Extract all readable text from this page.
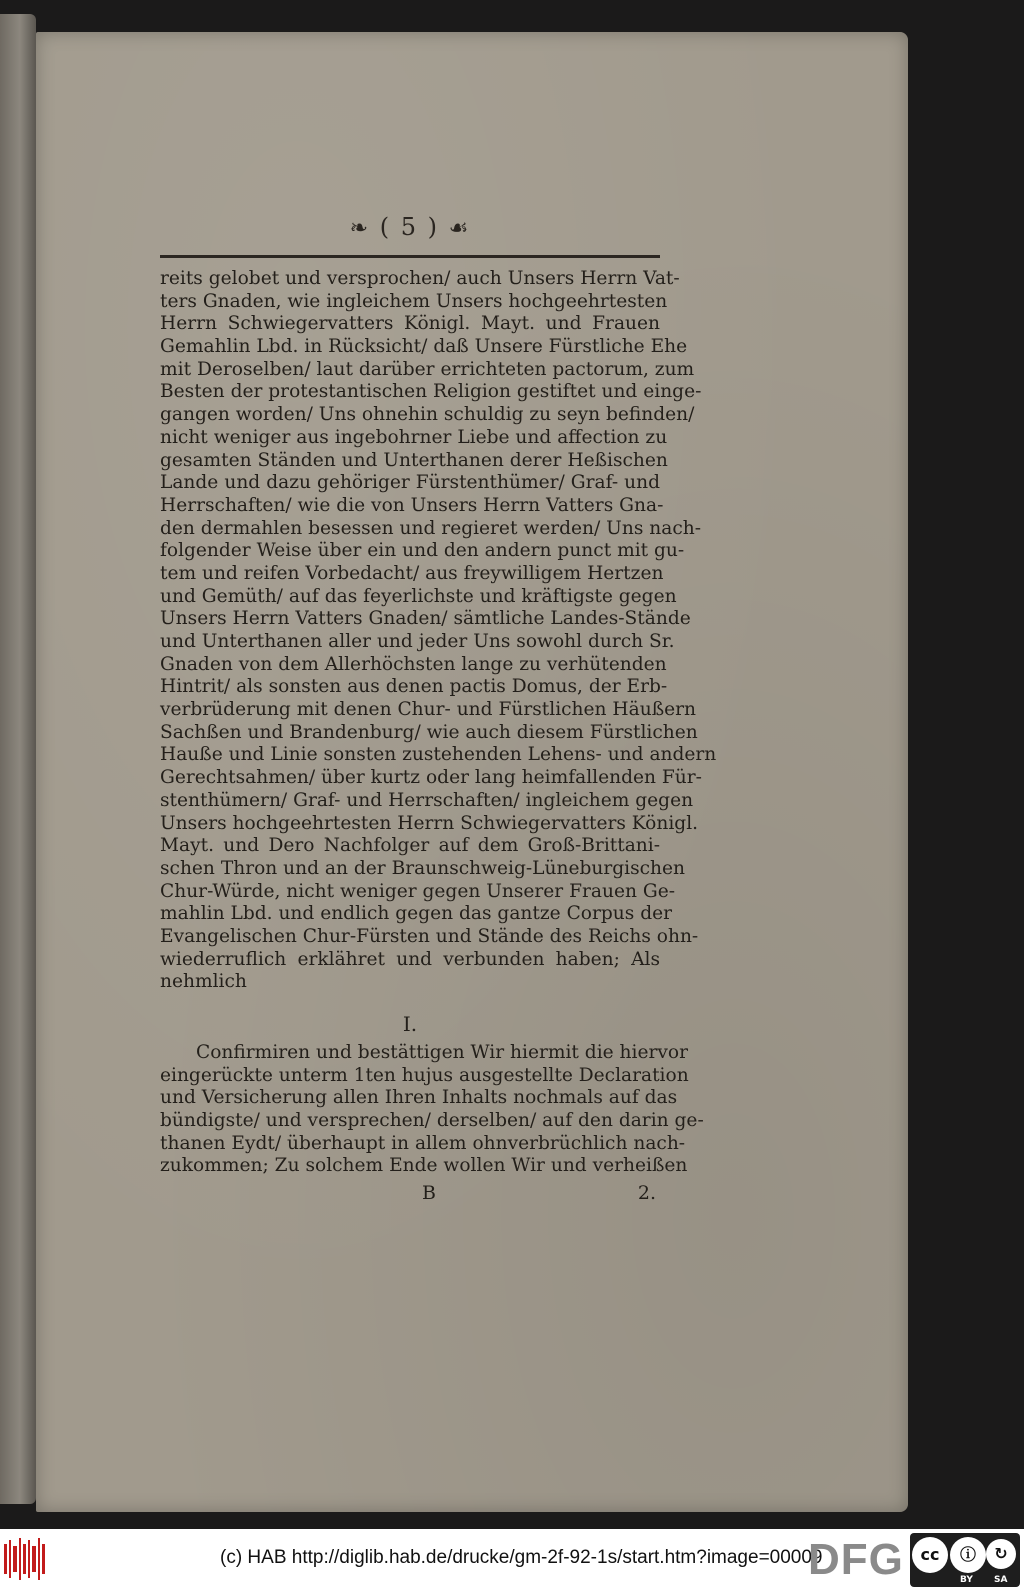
❧ ( 5 ) ☙
reits gelobet und versprochen/ auch Unsers Herrn Vat-
ters Gnaden, wie ingleichem Unsers hochgeehrtesten
Herrn Schwiegervatters Königl. Mayt. und Frauen
Gemahlin Lbd. in Rücksicht/ daß Unsere Fürstliche Ehe
mit Deroselben/ laut darüber errichteten pactorum, zum
Besten der protestantischen Religion gestiftet und einge-
gangen worden/ Uns ohnehin schuldig zu seyn befinden/
nicht weniger aus ingebohrner Liebe und affection zu
gesamten Ständen und Unterthanen derer Heßischen
Lande und dazu gehöriger Fürstenthümer/ Graf- und
Herrschaften/ wie die von Unsers Herrn Vatters Gna-
den dermahlen besessen und regieret werden/ Uns nach-
folgender Weise über ein und den andern punct mit gu-
tem und reifen Vorbedacht/ aus freywilligem Hertzen
und Gemüth/ auf das feyerlichste und kräftigste gegen
Unsers Herrn Vatters Gnaden/ sämtliche Landes-Stände
und Unterthanen aller und jeder Uns sowohl durch Sr.
Gnaden von dem Allerhöchsten lange zu verhütenden
Hintrit/ als sonsten aus denen pactis Domus, der Erb-
verbrüderung mit denen Chur- und Fürstlichen Häußern
Sachßen und Brandenburg/ wie auch diesem Fürstlichen
Hauße und Linie sonsten zustehenden Lehens- und andern
Gerechtsahmen/ über kurtz oder lang heimfallenden Für-
stenthümern/ Graf- und Herrschaften/ ingleichem gegen
Unsers hochgeehrtesten Herrn Schwiegervatters Königl.
Mayt. und Dero Nachfolger auf dem Groß-Brittani-
schen Thron und an der Braunschweig-Lüneburgischen
Chur-Würde, nicht weniger gegen Unserer Frauen Ge-
mahlin Lbd. und endlich gegen das gantze Corpus der
Evangelischen Chur-Fürsten und Stände des Reichs ohn-
wiederruflich erklähret und verbunden haben; Als
nehmlich
I.
Confirmiren und bestättigen Wir hiermit die hiervor
eingerückte unterm 1ten hujus ausgestellte Declaration
und Versicherung allen Ihren Inhalts nochmals auf das
bündigste/ und versprechen/ derselben/ auf den darin ge-
thanen Eydt/ überhaupt in allem ohnverbrüchlich nach-
zukommen; Zu solchem Ende wollen Wir und verheißen
B	2.
(c) HAB http://diglib.hab.de/drucke/gm-2f-92-1s/start.htm?image=00009
DFG	cc	ⓘ	↻
BY SA
